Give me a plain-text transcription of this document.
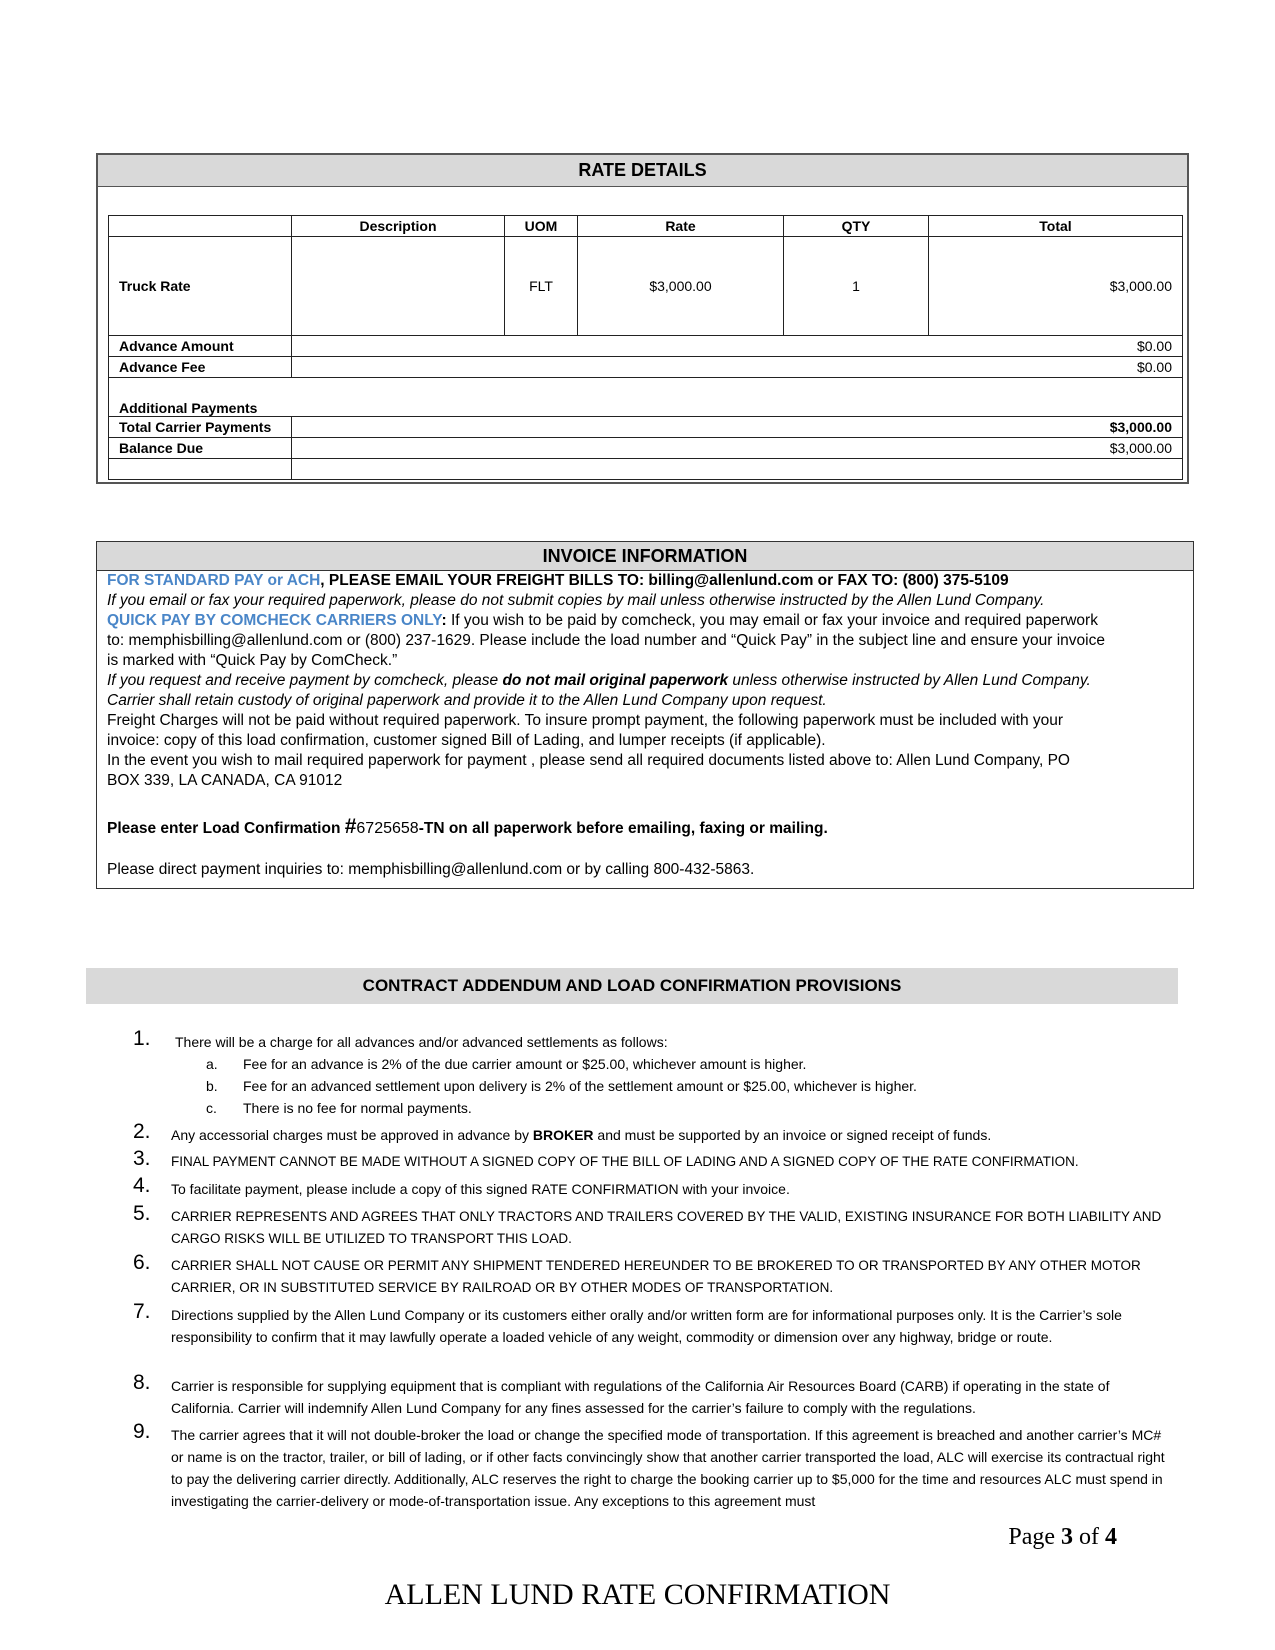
RATE DETAILS
	Description	UOM	Rate	QTY	Total
Truck Rate		FLT	$3,000.00	1	$3,000.00
Advance Amount	$0.00				
Advance Fee	$0.00				
Additional Payments					
Total Carrier Payments	$3,000.00				
Balance Due	$3,000.00				

INVOICE INFORMATION
FOR STANDARD PAY or ACH, PLEASE EMAIL YOUR FREIGHT BILLS TO: billing@allenlund.com or FAX TO: (800) 375-5109
If you email or fax your required paperwork, please do not submit copies by mail unless otherwise instructed by the Allen Lund Company.
QUICK PAY BY COMCHECK CARRIERS ONLY: If you wish to be paid by comcheck, you may email or fax your invoice and required paperwork
to: memphisbilling@allenlund.com or (800) 237-1629. Please include the load number and “Quick Pay” in the subject line and ensure your invoice
is marked with “Quick Pay by ComCheck.”
If you request and receive payment by comcheck, please do not mail original paperwork unless otherwise instructed by Allen Lund Company.
Carrier shall retain custody of original paperwork and provide it to the Allen Lund Company upon request.
Freight Charges will not be paid without required paperwork. To insure prompt payment, the following paperwork must be included with your
invoice: copy of this load confirmation, customer signed Bill of Lading, and lumper receipts (if applicable).
In the event you wish to mail required paperwork for payment , please send all required documents listed above to: Allen Lund Company, PO
BOX 339, LA CANADA, CA 91012
Please enter Load Confirmation #6725658-TN on all paperwork before emailing, faxing or mailing.
Please direct payment inquiries to: memphisbilling@allenlund.com or by calling 800-432-5863.
CONTRACT ADDENDUM AND LOAD CONFIRMATION PROVISIONS
1.	There will be a charge for all advances and/or advanced settlements as follows:
a. Fee for an advance is 2% of the due carrier amount or $25.00, whichever amount is higher.
b. Fee for an advanced settlement upon delivery is 2% of the settlement amount or $25.00, whichever is higher.
c. There is no fee for normal payments.
2.	Any accessorial charges must be approved in advance by BROKER and must be supported by an invoice or signed receipt of funds.
3.	FINAL PAYMENT CANNOT BE MADE WITHOUT A SIGNED COPY OF THE BILL OF LADING AND A SIGNED COPY OF THE RATE CONFIRMATION.
4.	To facilitate payment, please include a copy of this signed RATE CONFIRMATION with your invoice.
5.	CARRIER REPRESENTS AND AGREES THAT ONLY TRACTORS AND TRAILERS COVERED BY THE VALID, EXISTING INSURANCE FOR BOTH LIABILITY AND CARGO RISKS WILL BE UTILIZED TO TRANSPORT THIS LOAD.
6.	CARRIER SHALL NOT CAUSE OR PERMIT ANY SHIPMENT TENDERED HEREUNDER TO BE BROKERED TO OR TRANSPORTED BY ANY OTHER MOTOR CARRIER, OR IN SUBSTITUTED SERVICE BY RAILROAD OR BY OTHER MODES OF TRANSPORTATION.
7.	Directions supplied by the Allen Lund Company or its customers either orally and/or written form are for informational purposes only. It is the Carrier’s sole responsibility to confirm that it may lawfully operate a loaded vehicle of any weight, commodity or dimension over any highway, bridge or route.
8.	Carrier is responsible for supplying equipment that is compliant with regulations of the California Air Resources Board (CARB) if operating in the state of California. Carrier will indemnify Allen Lund Company for any fines assessed for the carrier’s failure to comply with the regulations.
9.	The carrier agrees that it will not double-broker the load or change the specified mode of transportation. If this agreement is breached and another carrier’s MC# or name is on the tractor, trailer, or bill of lading, or if other facts convincingly show that another carrier transported the load, ALC will exercise its contractual right to pay the delivering carrier directly. Additionally, ALC reserves the right to charge the booking carrier up to $5,000 for the time and resources ALC must spend in investigating the carrier-delivery or mode-of-transportation issue. Any exceptions to this agreement must
Page 3 of 4
ALLEN LUND RATE CONFIRMATION
